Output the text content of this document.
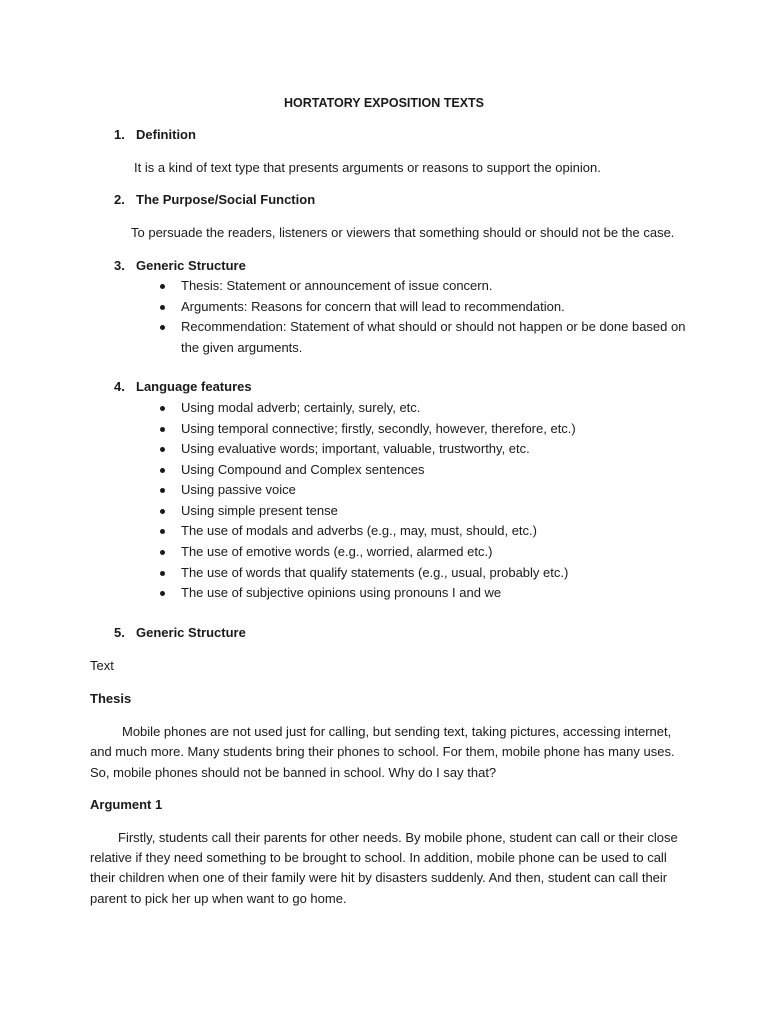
HORTATORY EXPOSITION TEXTS
1. Definition
It is a kind of text type that presents arguments or reasons to support the opinion.
2. The Purpose/Social Function
To persuade the readers, listeners or viewers that something should or should not be the case.
3. Generic Structure
Thesis: Statement or announcement of issue concern.
Arguments: Reasons for concern that will lead to recommendation.
Recommendation: Statement of what should or should not happen or be done based on
the given arguments.
4. Language features
Using modal adverb; certainly, surely, etc.
Using temporal connective; firstly, secondly, however, therefore, etc.)
Using evaluative words; important, valuable, trustworthy, etc.
Using Compound and Complex sentences
Using passive voice
Using simple present tense
The use of modals and adverbs (e.g., may, must, should, etc.)
The use of emotive words (e.g., worried, alarmed etc.)
The use of words that qualify statements (e.g., usual, probably etc.)
The use of subjective opinions using pronouns I and we
5. Generic Structure
Text
Thesis
Mobile phones are not used just for calling, but sending text, taking pictures, accessing internet,
and much more. Many students bring their phones to school. For them, mobile phone has many uses.
So, mobile phones should not be banned in school. Why do I say that?
Argument 1
Firstly, students call their parents for other needs. By mobile phone, student can call or their close
relative if they need something to be brought to school. In addition, mobile phone can be used to call
their children when one of their family were hit by disasters suddenly. And then, student can call their
parent to pick her up when want to go home.
